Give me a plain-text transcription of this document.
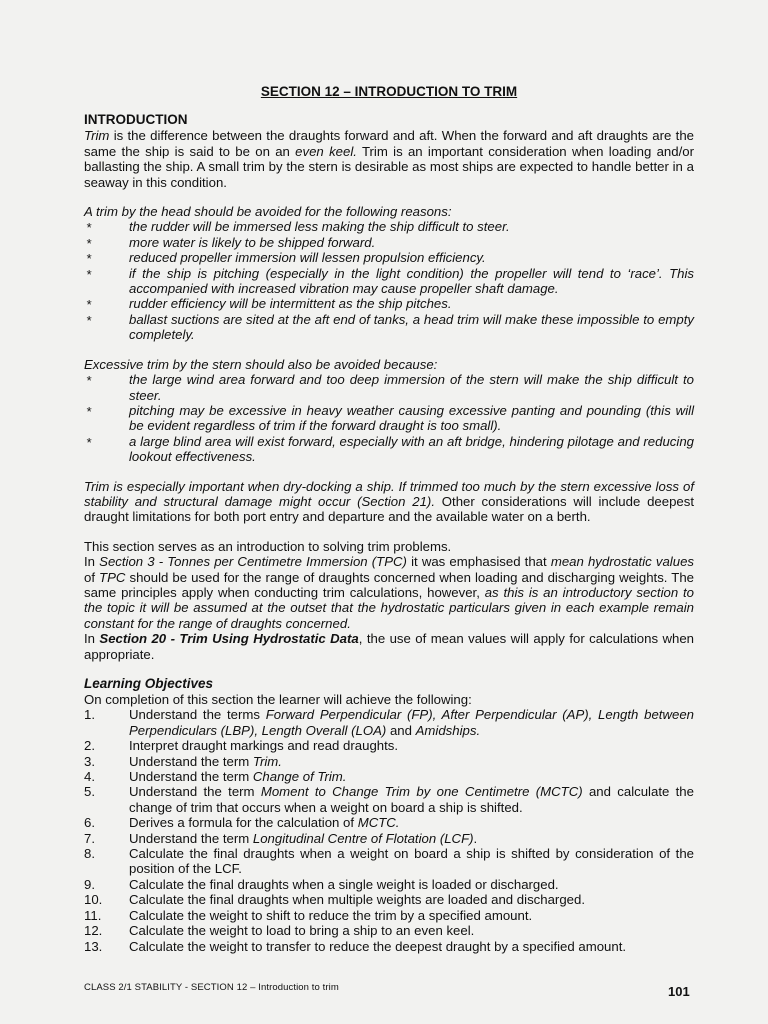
SECTION 12 – INTRODUCTION TO TRIM
INTRODUCTION

Trim is the difference between the draughts forward and aft. When the forward and aft draughts are the same the ship is said to be on an even keel. Trim is an important consideration when loading and/or ballasting the ship. A small trim by the stern is desirable as most ships are expected to handle better in a seaway in this condition.

A trim by the head should be avoided for the following reasons:

*	the rudder will be immersed less making the ship difficult to steer.
*	more water is likely to be shipped forward.
*	reduced propeller immersion will lessen propulsion efficiency.
*	if the ship is pitching (especially in the light condition) the propeller will tend to ‘race’. This accompanied with increased vibration may cause propeller shaft damage.
*	rudder efficiency will be intermittent as the ship pitches.
*	ballast suctions are sited at the aft end of tanks, a head trim will make these impossible to empty completely.

Excessive trim by the stern should also be avoided because:

*	the large wind area forward and too deep immersion of the stern will make the ship difficult to steer.
*	pitching may be excessive in heavy weather causing excessive panting and pounding (this will be evident regardless of trim if the forward draught is too small).
*	a large blind area will exist forward, especially with an aft bridge, hindering pilotage and reducing lookout effectiveness.

Trim is especially important when dry-docking a ship. If trimmed too much by the stern excessive loss of stability and structural damage might occur (Section 21). Other considerations will include deepest draught limitations for both port entry and departure and the available water on a berth.

This section serves as an introduction to solving trim problems.

In Section 3 - Tonnes per Centimetre Immersion (TPC) it was emphasised that mean hydrostatic values of TPC should be used for the range of draughts concerned when loading and discharging weights. The same principles apply when conducting trim calculations, however, as this is an introductory section to the topic it will be assumed at the outset that the hydrostatic particulars given in each example remain constant for the range of draughts concerned.

In Section 20 - Trim Using Hydrostatic Data, the use of mean values will apply for calculations when appropriate.

Learning Objectives

On completion of this section the learner will achieve the following:

1.	Understand the terms Forward Perpendicular (FP), After Perpendicular (AP), Length between Perpendiculars (LBP), Length Overall (LOA) and Amidships.
2.	Interpret draught markings and read draughts.
3.	Understand the term Trim.
4.	Understand the term Change of Trim.
5.	Understand the term Moment to Change Trim by one Centimetre (MCTC) and calculate the change of trim that occurs when a weight on board a ship is shifted.
6.	Derives a formula for the calculation of MCTC.
7.	Understand the term Longitudinal Centre of Flotation (LCF).
8.	Calculate the final draughts when a weight on board a ship is shifted by consideration of the position of the LCF.
9.	Calculate the final draughts when a single weight is loaded or discharged.
10. Calculate the final draughts when multiple weights are loaded and discharged.
11. Calculate the weight to shift to reduce the trim by a specified amount.
12. Calculate the weight to load to bring a ship to an even keel.
13. Calculate the weight to transfer to reduce the deepest draught by a specified amount.
CLASS 2/1 STABILITY - SECTION 12 – Introduction to trim	101
